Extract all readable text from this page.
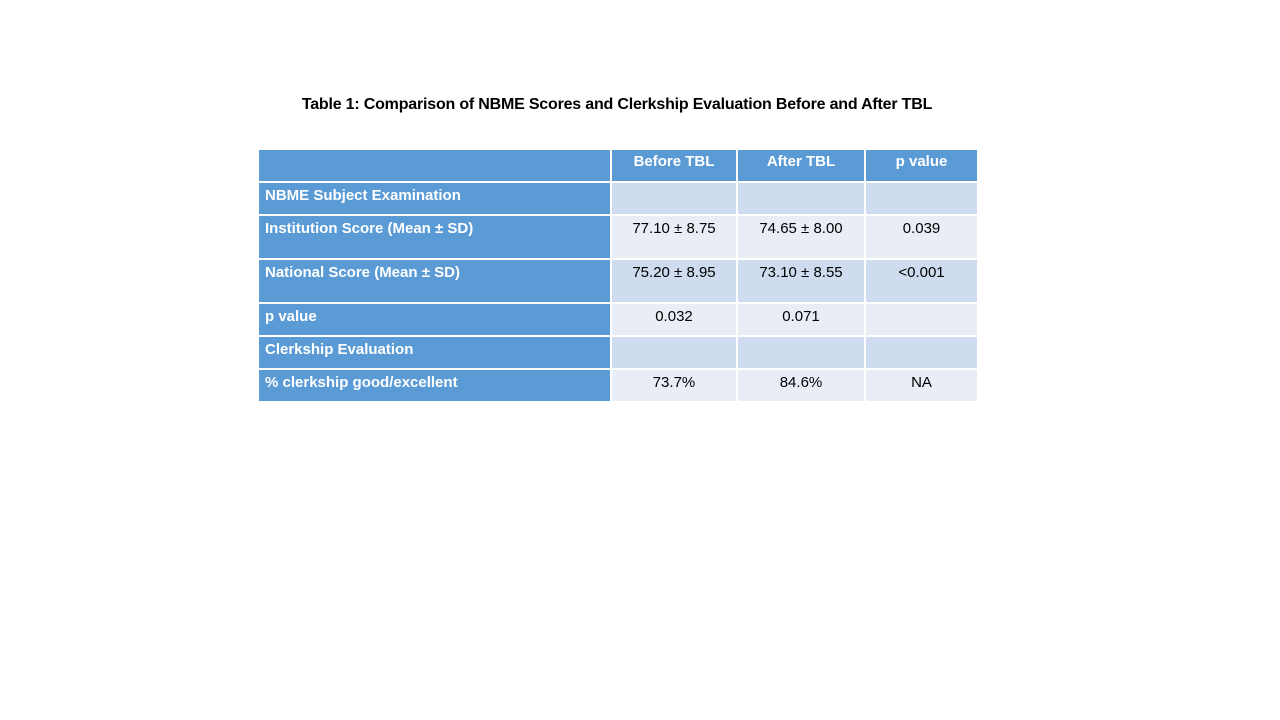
Table 1: Comparison of NBME Scores and Clerkship Evaluation Before and After TBL
	Before TBL	After TBL	p value
NBME Subject Examination			
Institution Score (Mean ± SD)	77.10 ± 8.75	74.65 ± 8.00	0.039
National Score (Mean ± SD)	75.20 ± 8.95	73.10 ± 8.55	<0.001
p value	0.032	0.071	
Clerkship Evaluation			
% clerkship good/excellent	73.7%	84.6%	NA
